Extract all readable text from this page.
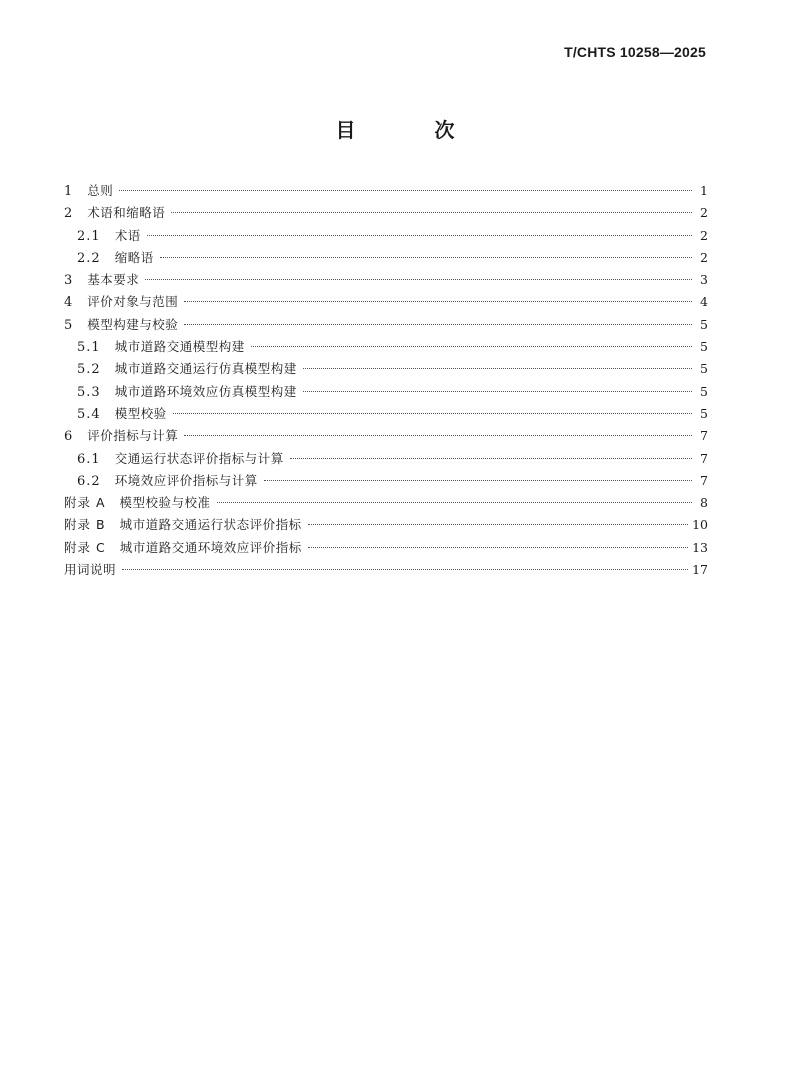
T/CHTS 10258—2025
目 次
1 总则	1
2 术语和缩略语	2
2.1 术语	2
2.2 缩略语	2
3 基本要求	3
4 评价对象与范围	4
5 模型构建与校验	5
5.1 城市道路交通模型构建	5
5.2 城市道路交通运行仿真模型构建	5
5.3 城市道路环境效应仿真模型构建	5
5.4 模型校验	5
6 评价指标与计算	7
6.1 交通运行状态评价指标与计算	7
6.2 环境效应评价指标与计算	7
附录 A 模型校验与校准	8
附录 B 城市道路交通运行状态评价指标	10
附录 C 城市道路交通环境效应评价指标	13
用词说明	17
